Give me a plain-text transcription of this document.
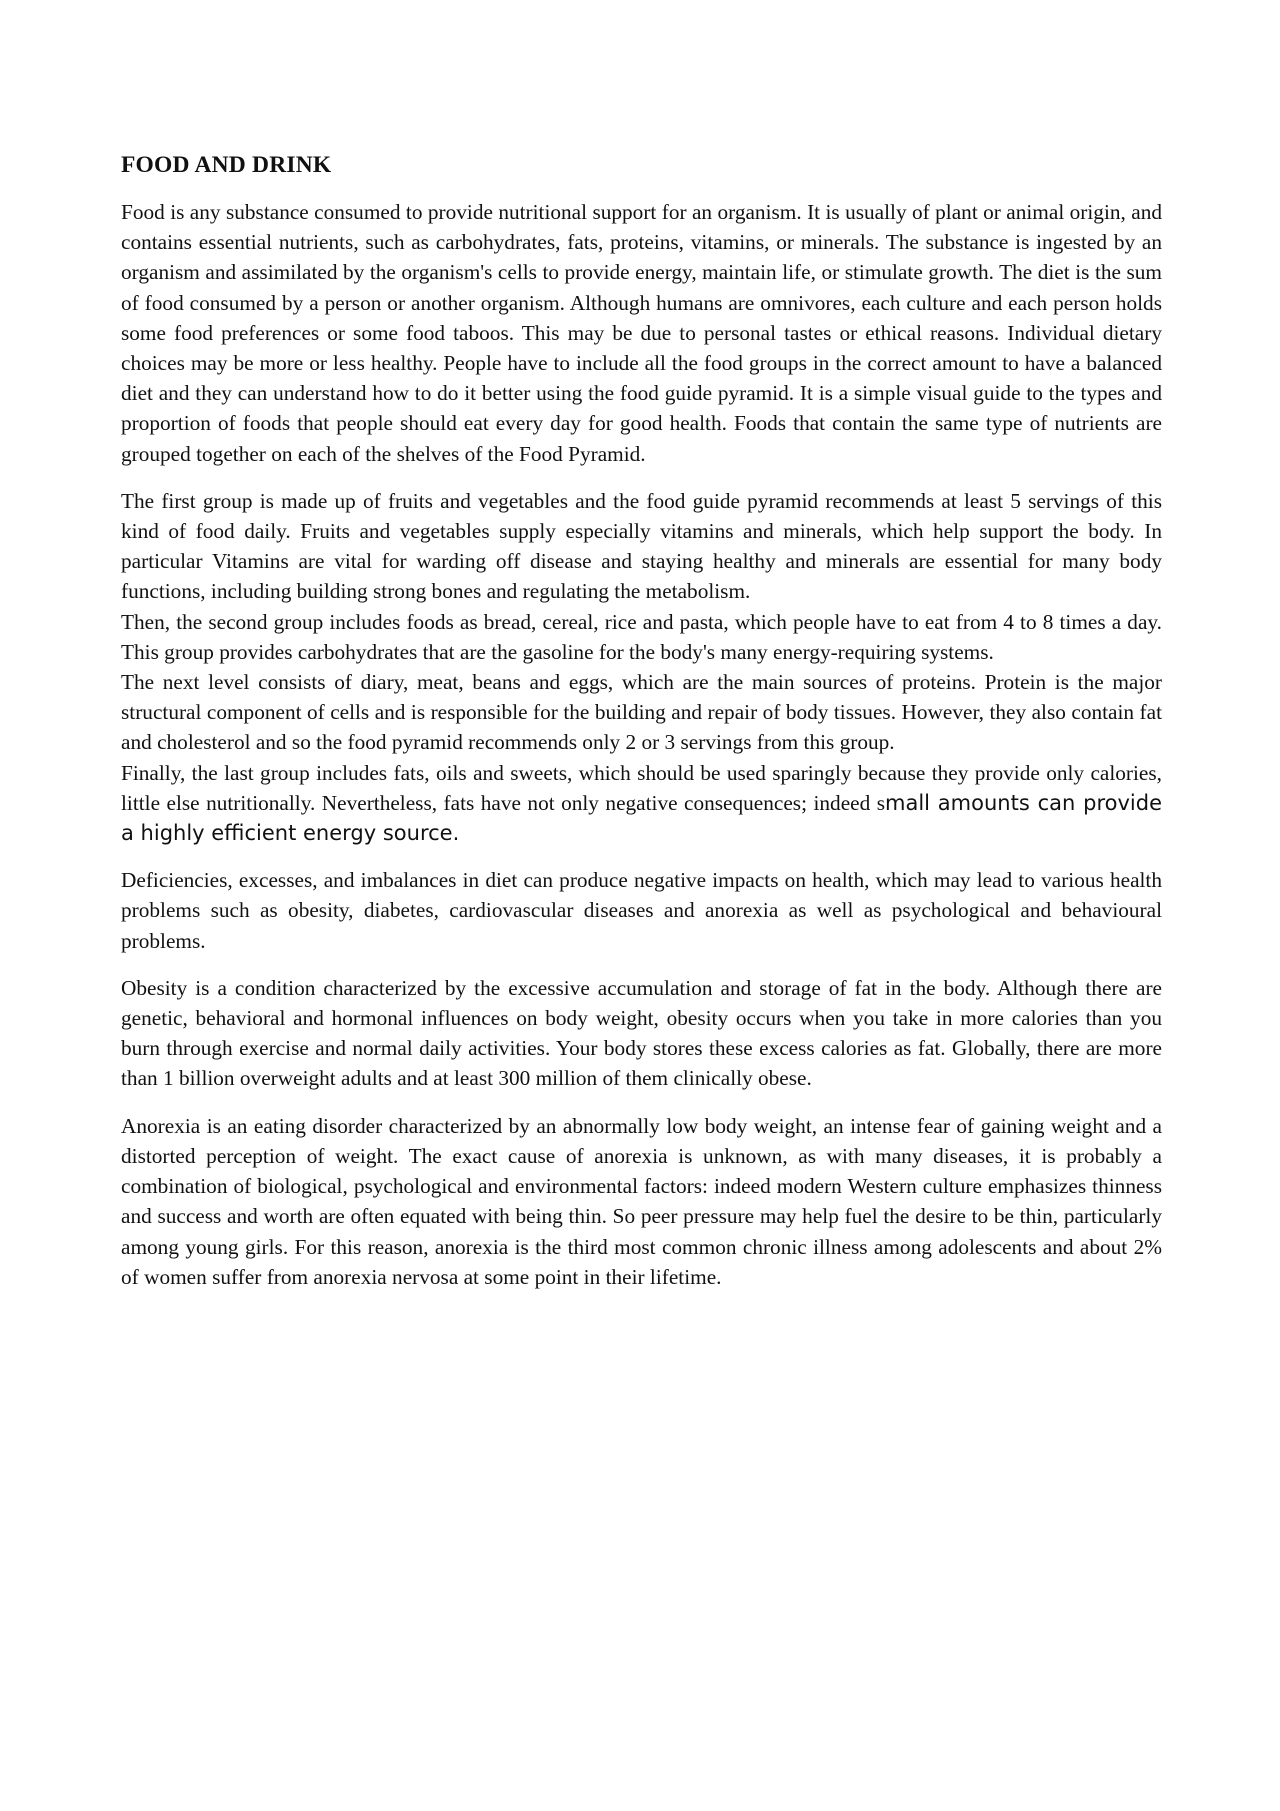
FOOD AND DRINK

Food is any substance consumed to provide nutritional support for an organism. It is usually of plant or animal origin, and contains essential nutrients, such as carbohydrates, fats, proteins, vitamins, or minerals. The substance is ingested by an organism and assimilated by the organism's cells to provide energy, maintain life, or stimulate growth. The diet is the sum of food consumed by a person or another organism. Although humans are omnivores, each culture and each person holds some food preferences or some food taboos. This may be due to personal tastes or ethical reasons. Individual dietary choices may be more or less healthy. People have to include all the food groups in the correct amount to have a balanced diet and they can understand how to do it better using the food guide pyramid. It is a simple visual guide to the types and proportion of foods that people should eat every day for good health. Foods that contain the same type of nutrients are grouped together on each of the shelves of the Food Pyramid.

The first group is made up of fruits and vegetables and the food guide pyramid recommends at least 5 servings of this kind of food daily. Fruits and vegetables supply especially vitamins and minerals, which help support the body. In particular Vitamins are vital for warding off disease and staying healthy and minerals are essential for many body functions, including building strong bones and regulating the metabolism.

Then, the second group includes foods as bread, cereal, rice and pasta, which people have to eat from 4 to 8 times a day. This group provides carbohydrates that are the gasoline for the body's many energy-requiring systems.

The next level consists of diary, meat, beans and eggs, which are the main sources of proteins. Protein is the major structural component of cells and is responsible for the building and repair of body tissues. However, they also contain fat and cholesterol and so the food pyramid recommends only 2 or 3 servings from this group.

Finally, the last group includes fats, oils and sweets, which should be used sparingly because they provide only calories, little else nutritionally. Nevertheless, fats have not only negative consequences; indeed small amounts can provide a highly efficient energy source.

Deficiencies, excesses, and imbalances in diet can produce negative impacts on health, which may lead to various health problems such as obesity, diabetes, cardiovascular diseases and anorexia as well as psychological and behavioural problems.

Obesity is a condition characterized by the excessive accumulation and storage of fat in the body. Although there are genetic, behavioral and hormonal influences on body weight, obesity occurs when you take in more calories than you burn through exercise and normal daily activities. Your body stores these excess calories as fat. Globally, there are more than 1 billion overweight adults and at least 300 million of them clinically obese.

Anorexia is an eating disorder characterized by an abnormally low body weight, an intense fear of gaining weight and a distorted perception of weight. The exact cause of anorexia is unknown, as with many diseases, it is probably a combination of biological, psychological and environmental factors: indeed modern Western culture emphasizes thinness and success and worth are often equated with being thin. So peer pressure may help fuel the desire to be thin, particularly among young girls. For this reason, anorexia is the third most common chronic illness among adolescents and about 2% of women suffer from anorexia nervosa at some point in their lifetime.
